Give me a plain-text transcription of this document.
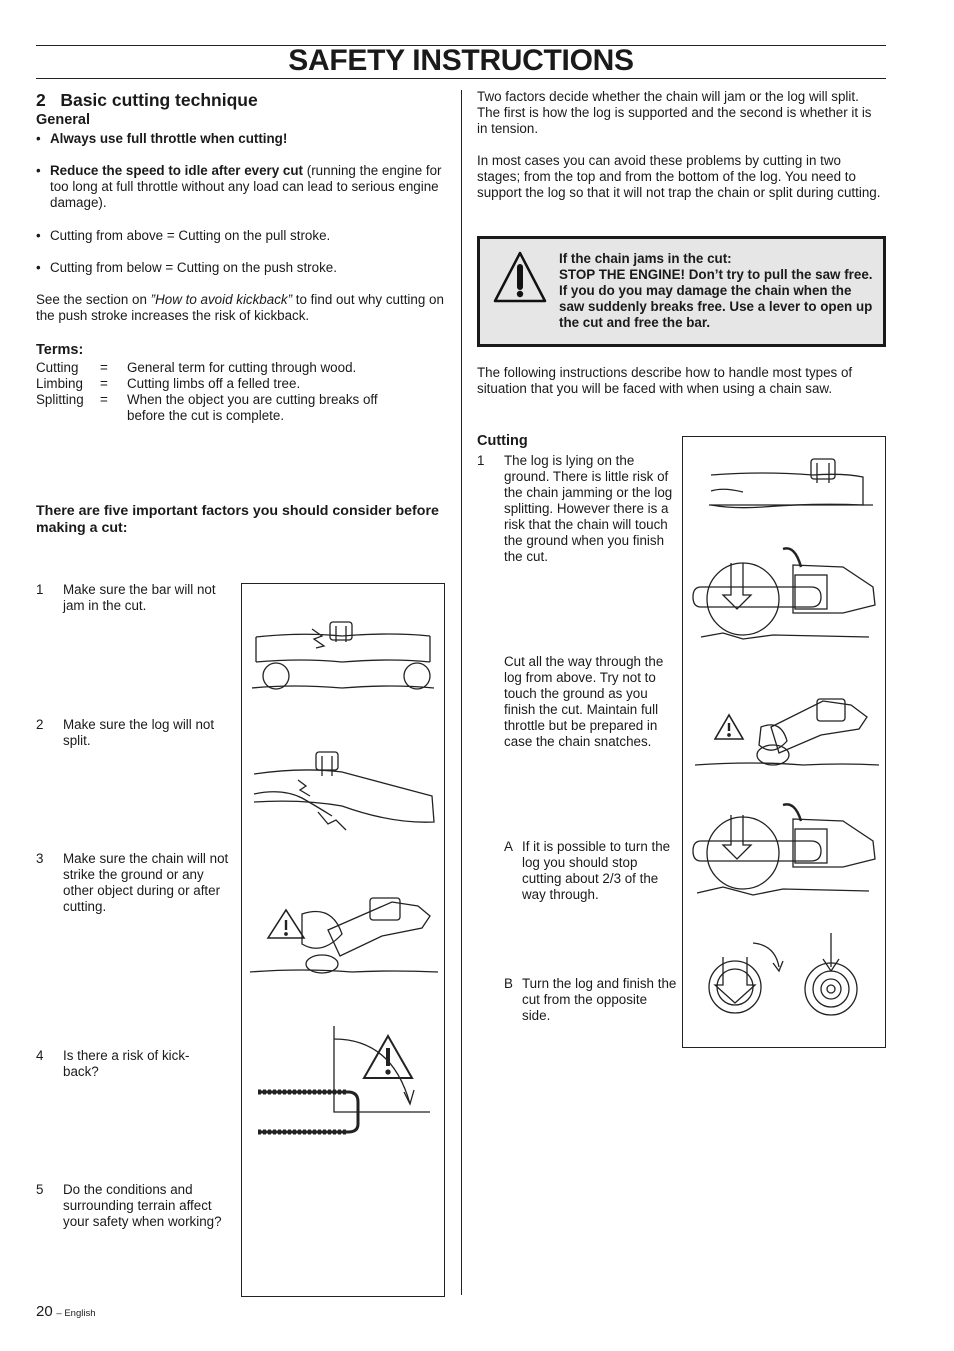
SAFETY INSTRUCTIONS
2   Basic cutting technique
General
• Always use full throttle when cutting!
• Reduce the speed to idle after every cut (running the engine for too long at full throttle without any load can lead to serious engine damage).
• Cutting from above = Cutting on the pull stroke.
• Cutting from below = Cutting on the push stroke.
See the section on ”How to avoid kickback” to find out why cutting on the push stroke increases the risk of kickback.
Terms:
Cutting = General term for cutting through wood.
Limbing = Cutting limbs off a felled tree.
Splitting = When the object you are cutting breaks off before the cut is complete.
There are five important factors you should consider before making a cut:
1 Make sure the bar will not jam in the cut.
2 Make sure the log will not split.
3 Make sure the chain will not strike the ground or any other object during or after cutting.
4 Is there a risk of kick-back?
5 Do the conditions and surrounding terrain affect your safety when working?
Two factors decide whether the chain will jam or the log will split. The first is how the log is supported and the second is whether it is in tension.
In most cases you can avoid these problems by cutting in two stages; from the top and from the bottom of the log. You need to support the log so that it will not trap the chain or split during cutting.
If the chain jams in the cut:
STOP THE ENGINE! Don’t try to pull the saw free. If you do you may damage the chain when the saw suddenly breaks free. Use a lever to open up the cut and free the bar.
The following instructions describe how to handle most types of situation that you will be faced with when using a chain saw.
Cutting
1 The log is lying on the ground. There is little risk of the chain jamming or the log splitting. However there is a risk that the chain will touch the ground when you finish the cut.
Cut all the way through the log from above. Try not to touch the ground as you finish the cut. Maintain full throttle but be prepared in case the chain snatches.
A If it is possible to turn the log you should stop cutting about 2/3 of the way through.
B Turn the log and finish the cut from the opposite side.
20 – English
